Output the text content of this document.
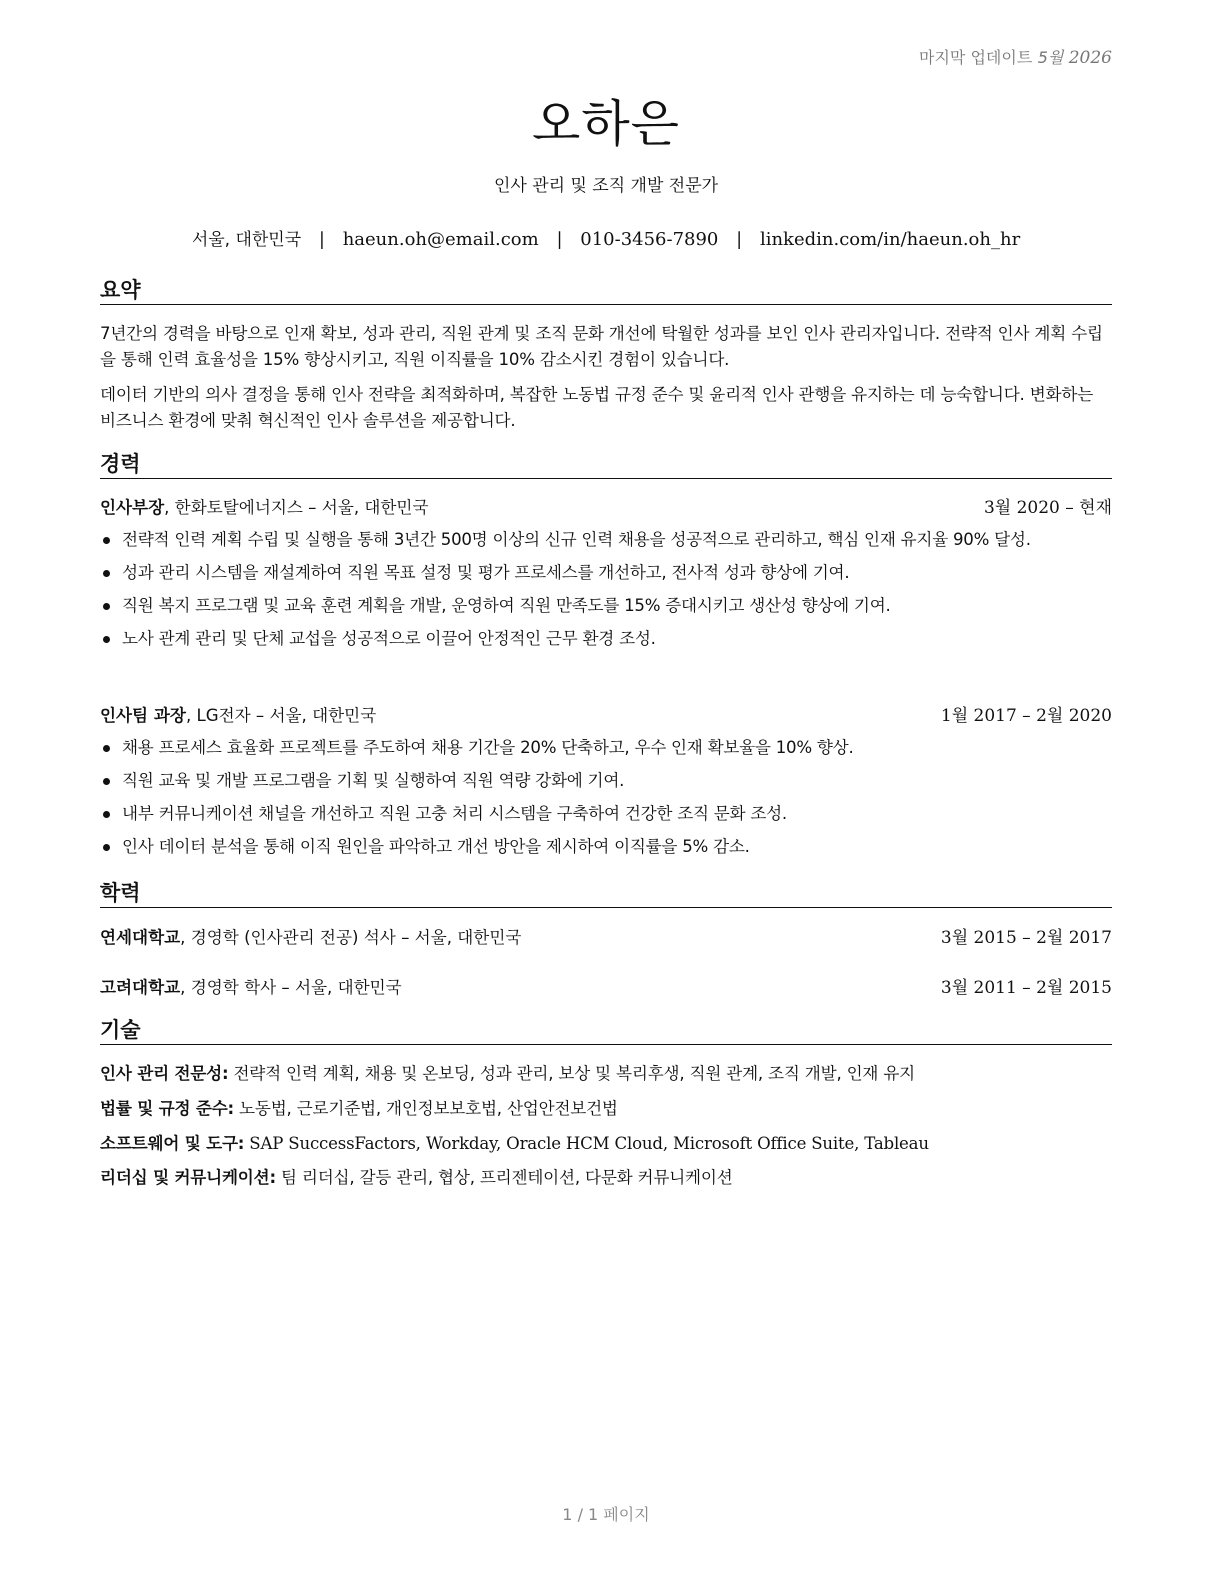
마지막 업데이트 5월 2026
오하은
인사 관리 및 조직 개발 전문가
서울, 대한민국 | haeun.oh@email.com | 010-3456-7890 | linkedin.com/in/haeun.oh_hr
요약
7년간의 경력을 바탕으로 인재 확보, 성과 관리, 직원 관계 및 조직 문화 개선에 탁월한 성과를 보인 인사 관리자입니다. 전략적 인사 계획 수립을 통해 인력 효율성을 15% 향상시키고, 직원 이직률을 10% 감소시킨 경험이 있습니다.
데이터 기반의 의사 결정을 통해 인사 전략을 최적화하며, 복잡한 노동법 규정 준수 및 윤리적 인사 관행을 유지하는 데 능숙합니다. 변화하는 비즈니스 환경에 맞춰 혁신적인 인사 솔루션을 제공합니다.
경력
인사부장, 한화토탈에너지스 – 서울, 대한민국	3월 2020 – 현재
전략적 인력 계획 수립 및 실행을 통해 3년간 500명 이상의 신규 인력 채용을 성공적으로 관리하고, 핵심 인재 유지율 90% 달성.
성과 관리 시스템을 재설계하여 직원 목표 설정 및 평가 프로세스를 개선하고, 전사적 성과 향상에 기여.
직원 복지 프로그램 및 교육 훈련 계획을 개발, 운영하여 직원 만족도를 15% 증대시키고 생산성 향상에 기여.
노사 관계 관리 및 단체 교섭을 성공적으로 이끌어 안정적인 근무 환경 조성.
인사팀 과장, LG전자 – 서울, 대한민국	1월 2017 – 2월 2020
채용 프로세스 효율화 프로젝트를 주도하여 채용 기간을 20% 단축하고, 우수 인재 확보율을 10% 향상.
직원 교육 및 개발 프로그램을 기획 및 실행하여 직원 역량 강화에 기여.
내부 커뮤니케이션 채널을 개선하고 직원 고충 처리 시스템을 구축하여 건강한 조직 문화 조성.
인사 데이터 분석을 통해 이직 원인을 파악하고 개선 방안을 제시하여 이직률을 5% 감소.
학력
연세대학교, 경영학 (인사관리 전공) 석사 – 서울, 대한민국	3월 2015 – 2월 2017
고려대학교, 경영학 학사 – 서울, 대한민국	3월 2011 – 2월 2015
기술
인사 관리 전문성: 전략적 인력 계획, 채용 및 온보딩, 성과 관리, 보상 및 복리후생, 직원 관계, 조직 개발, 인재 유지
법률 및 규정 준수: 노동법, 근로기준법, 개인정보보호법, 산업안전보건법
소프트웨어 및 도구: SAP SuccessFactors, Workday, Oracle HCM Cloud, Microsoft Office Suite, Tableau
리더십 및 커뮤니케이션: 팀 리더십, 갈등 관리, 협상, 프리젠테이션, 다문화 커뮤니케이션
1 / 1 페이지
